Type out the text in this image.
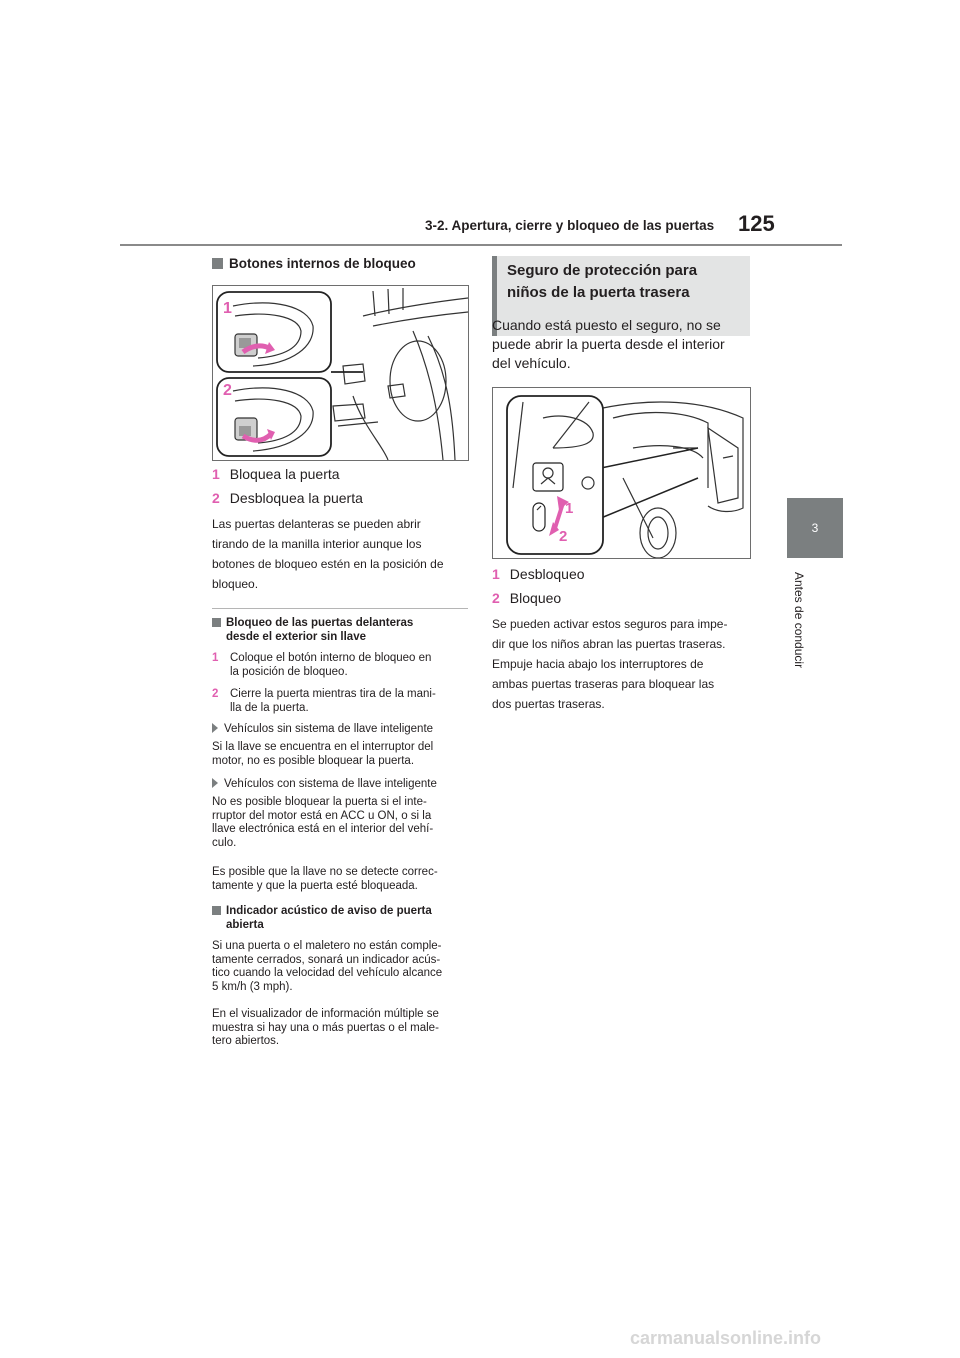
3-2. Apertura, cierre y bloqueo de las puertas 125
3
Antes de conducir
Botones internos de bloqueo
1
2
1 Bloquea la puerta
2 Desbloquea la puerta
Las puertas delanteras se pueden abrir
tirando de la manilla interior aunque los
botones de bloqueo estén en la posición de
bloqueo.
Bloqueo de las puertas delanteras
desde el exterior sin llave
1	Coloque el botón interno de bloqueo en
la posición de bloqueo.
2	Cierre la puerta mientras tira de la mani-
lla de la puerta.
Vehículos sin sistema de llave inteligente
Si la llave se encuentra en el interruptor del
motor, no es posible bloquear la puerta.
Vehículos con sistema de llave inteligente
No es posible bloquear la puerta si el inte-
rruptor del motor está en ACC u ON, o si la
llave electrónica está en el interior del vehí-
culo.
Es posible que la llave no se detecte correc-
tamente y que la puerta esté bloqueada.
Indicador acústico de aviso de puerta
abierta
Si una puerta o el maletero no están comple-
tamente cerrados, sonará un indicador acús-
tico cuando la velocidad del vehículo alcance
5 km/h (3 mph).
En el visualizador de información múltiple se
muestra si hay una o más puertas o el male-
tero abiertos.
Seguro de protección para
niños de la puerta trasera
Cuando está puesto el seguro, no se
puede abrir la puerta desde el interior
del vehículo.
1
2
1 Desbloqueo
2 Bloqueo
Se pueden activar estos seguros para impe-
dir que los niños abran las puertas traseras.
Empuje hacia abajo los interruptores de
ambas puertas traseras para bloquear las
dos puertas traseras.
carmanualsonline.info
